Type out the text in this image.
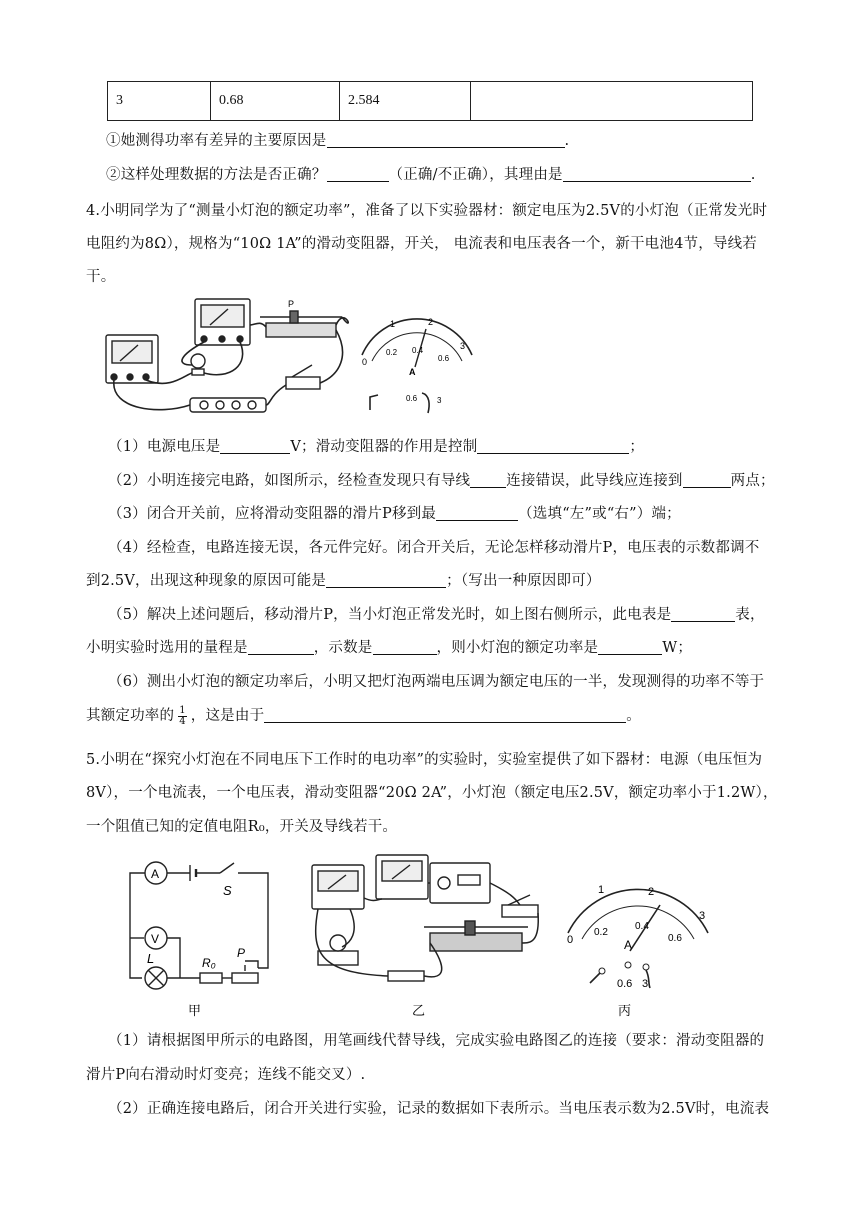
3	0.68	2.584	
①她测得功率有差异的主要原因是	.
②这样处理数据的方法是否正确？	（正确/不正确），其理由是	.
4.小明同学为了“测量小灯泡的额定功率”，准备了以下实验器材：额定电压为2.5V的小灯泡（正常发光时
电阻约为8Ω），规格为“10Ω 1A”的滑动变阻器，开关， 电流表和电压表各一个，新干电池4节，导线若
干。
P
0
1	2
3
0.2 0.4
0.6
A
0.6 3
（1）电源电压是	V；滑动变阻器的作用是控制	；
（2）小明连接完电路，如图所示，经检查发现只有导线 连接错误，此导线应连接到	两点；
（3）闭合开关前，应将滑动变阻器的滑片P移到最	（选填“左”或“右”）端；
（4）经检查，电路连接无误，各元件完好。闭合开关后，无论怎样移动滑片P，电压表的示数都调不
到2.5V，出现这种现象的原因可能是	；（写出一种原因即可）
（5）解决上述问题后，移动滑片P，当小灯泡正常发光时，如上图右侧所示，此电表是	表，
小明实验时选用的量程是	，示数是	，则小灯泡的额定功率是	W；
（6）测出小灯泡的额定功率后，小明又把灯泡两端电压调为额定电压的一半，发现测得的功率不等于
其额定功率的 $\frac{1}{4}$ ，这是由于	。
5.小明在“探究小灯泡在不同电压下工作时的电功率”的实验时，实验室提供了如下器材：电源（电压恒为
8V），一个电流表，一个电压表，滑动变阻器“20Ω 2A”，小灯泡（额定电压2.5V，额定功率小于1.2W），
一个阻值已知的定值电阻R₀，开关及导线若干。
A
V
L
S
R₀
P
甲	乙
0
1	2
3
0.2
0.4
0.6
A
0.6 3
丙
（1）请根据图甲所示的电路图，用笔画线代替导线，完成实验电路图乙的连接（要求：滑动变阻器的
滑片P向右滑动时灯变亮；连线不能交叉）.
（2）正确连接电路后，闭合开关进行实验，记录的数据如下表所示。当电压表示数为2.5V时，电流表
